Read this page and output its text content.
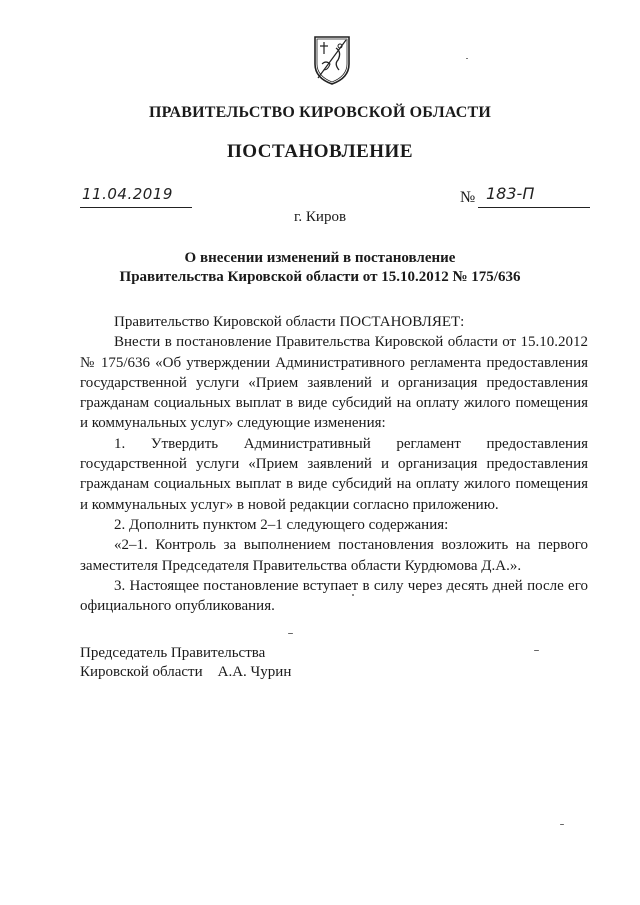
ПРАВИТЕЛЬСТВО КИРОВСКОЙ ОБЛАСТИ
ПОСТАНОВЛЕНИЕ
11.04.2019	№ 183-П
г. Киров
О внесении изменений в постановление
Правительства Кировской области от 15.10.2012 № 175/636

Правительство Кировской области ПОСТАНОВЛЯЕТ:

Внести в постановление Правительства Кировской области от 15.10.2012 № 175/636 «Об утверждении Административного регламента предоставления государственной услуги «Прием заявлений и организация предоставления гражданам социальных выплат в виде субсидий на оплату жилого помещения и коммунальных услуг» следующие изменения:

1. Утвердить Административный регламент предоставления государственной услуги «Прием заявлений и организация предоставления гражданам социальных выплат в виде субсидий на оплату жилого помещения и коммунальных услуг» в новой редакции согласно приложению.

2. Дополнить пунктом 2–1 следующего содержания:

«2–1. Контроль за выполнением постановления возложить на первого заместителя Председателя Правительства области Курдюмова Д.А.».

3. Настоящее постановление вступает в силу через десять дней после его официального опубликования.

Председатель Правительства
Кировской области А.А. Чурин
